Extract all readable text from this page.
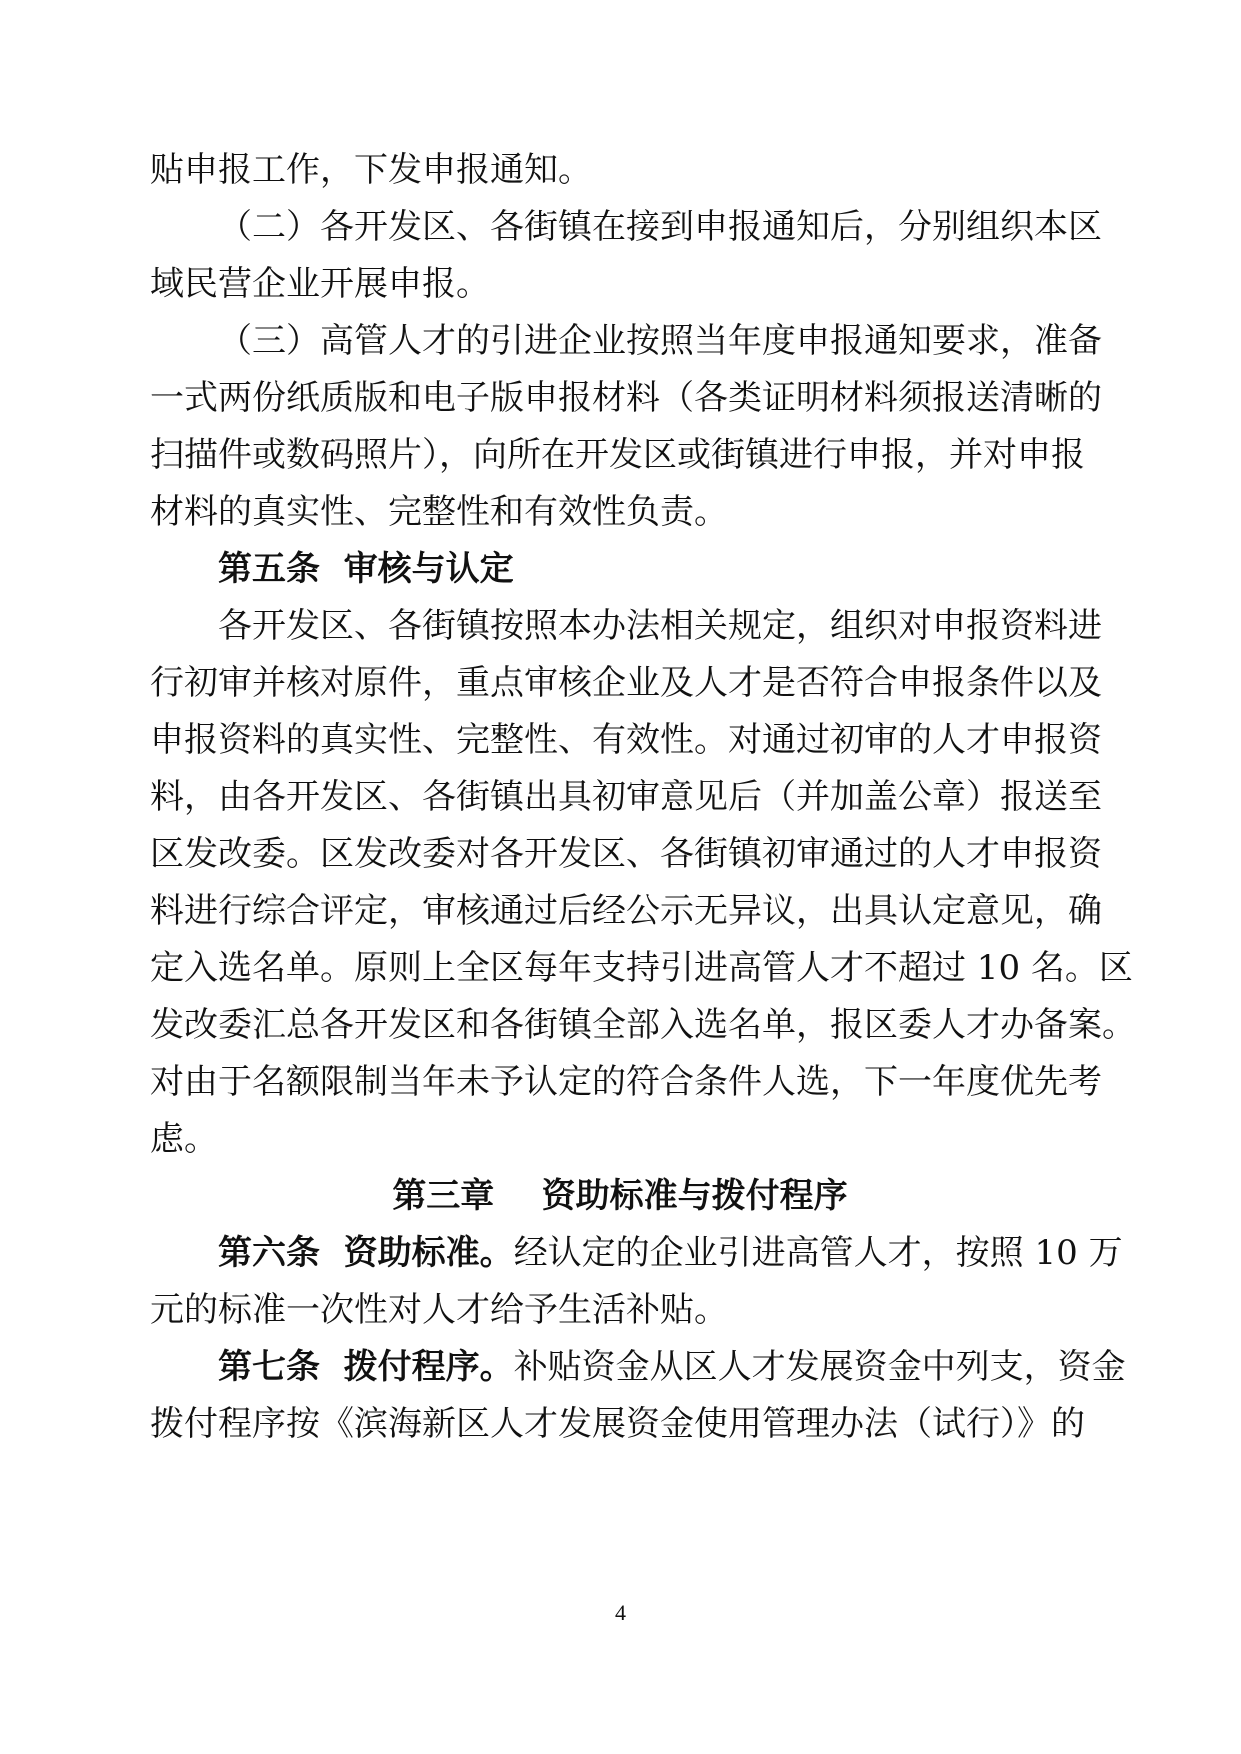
贴申报工作，下发申报通知。
（二）各开发区、各街镇在接到申报通知后，分别组织本区
域民营企业开展申报。
（三）高管人才的引进企业按照当年度申报通知要求，准备
一式两份纸质版和电子版申报材料（各类证明材料须报送清晰的
扫描件或数码照片），向所在开发区或街镇进行申报，并对申报
材料的真实性、完整性和有效性负责。
第五条  审核与认定
各开发区、各街镇按照本办法相关规定，组织对申报资料进
行初审并核对原件，重点审核企业及人才是否符合申报条件以及
申报资料的真实性、完整性、有效性。对通过初审的人才申报资
料，由各开发区、各街镇出具初审意见后（并加盖公章）报送至
区发改委。区发改委对各开发区、各街镇初审通过的人才申报资
料进行综合评定，审核通过后经公示无异议，出具认定意见，确
定入选名单。原则上全区每年支持引进高管人才不超过 10 名。区
发改委汇总各开发区和各街镇全部入选名单，报区委人才办备案。
对由于名额限制当年未予认定的符合条件人选，下一年度优先考
虑。
第三章    资助标准与拨付程序
第六条  资助标准。经认定的企业引进高管人才，按照 10 万
元的标准一次性对人才给予生活补贴。
第七条  拨付程序。补贴资金从区人才发展资金中列支，资金
拨付程序按《滨海新区人才发展资金使用管理办法（试行）》的
4
